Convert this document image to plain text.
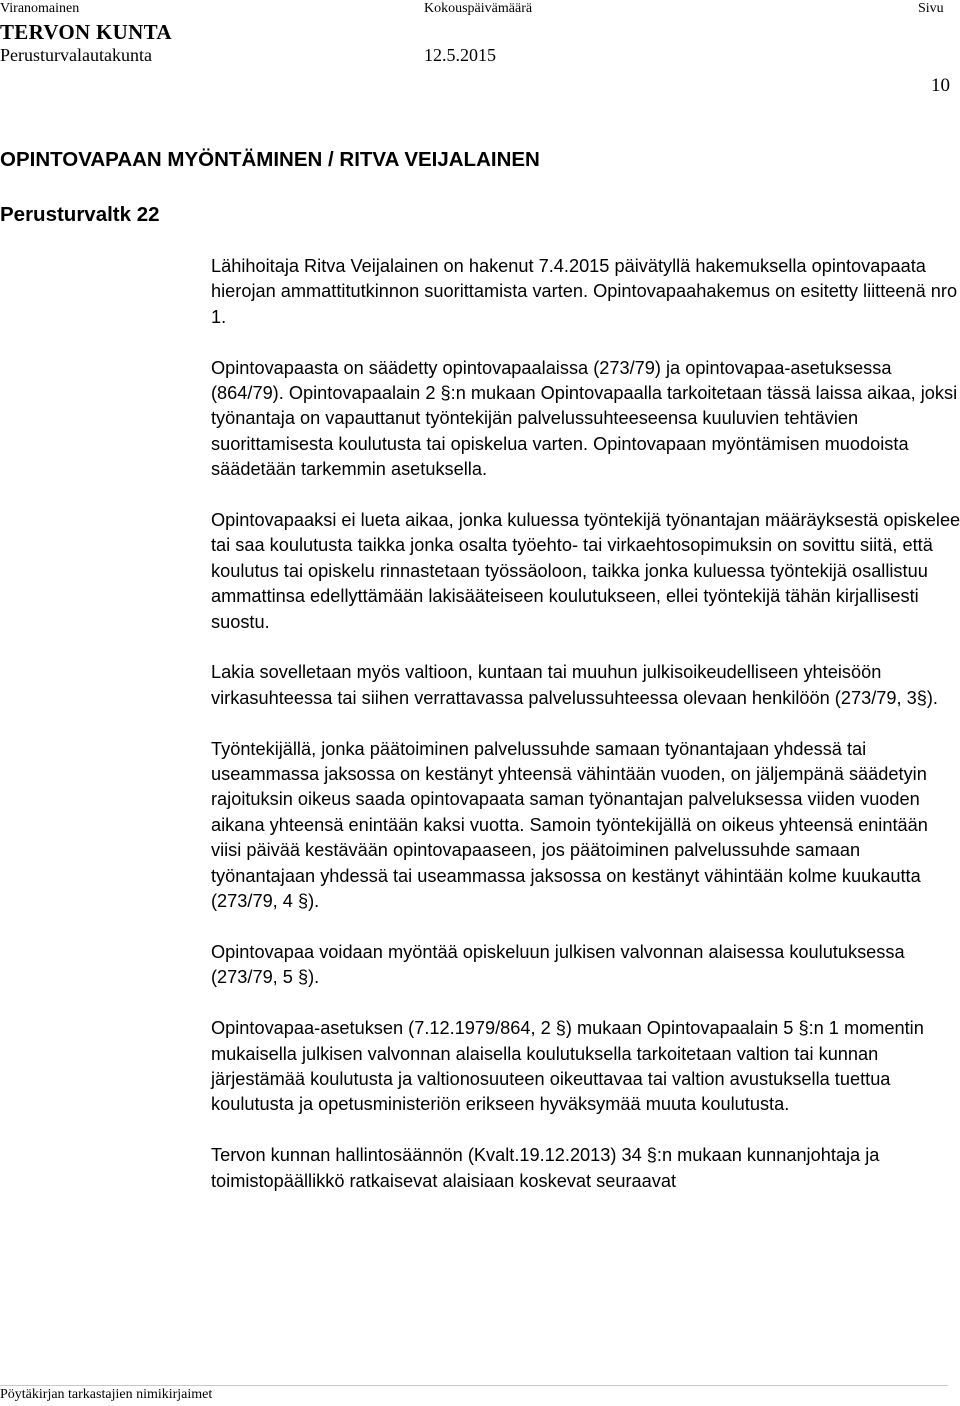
Viranomainen	Kokouspäivämäärä	Sivu
TERVON KUNTA
Perusturvalautakunta	12.5.2015
10
OPINTOVAPAAN MYÖNTÄMINEN / RITVA VEIJALAINEN
Perusturvaltk 22

Lähihoitaja Ritva Veijalainen on hakenut 7.4.2015 päivätyllä hakemuksella opintovapaata hierojan ammattitutkinnon suorittamista varten. Opintovapaahakemus on esitetty liitteenä nro 1.

Opintovapaasta on säädetty opintovapaalaissa (273/79) ja opintovapaa-asetuksessa (864/79). Opintovapaalain 2 §:n mukaan Opintovapaalla tarkoitetaan tässä laissa aikaa, joksi työnantaja on vapauttanut työntekijän palvelussuhteeseensa kuuluvien tehtävien suorittamisesta koulutusta tai opiskelua varten. Opintovapaan myöntämisen muodoista säädetään tarkemmin asetuksella.

Opintovapaaksi ei lueta aikaa, jonka kuluessa työntekijä työnantajan määräyksestä opiskelee tai saa koulutusta taikka jonka osalta työehto- tai virkaehtosopimuksin on sovittu siitä, että koulutus tai opiskelu rinnastetaan työssäoloon, taikka jonka kuluessa työntekijä osallistuu ammattinsa edellyttämään lakisääteiseen koulutukseen, ellei työntekijä tähän kirjallisesti suostu.

Lakia sovelletaan myös valtioon, kuntaan tai muuhun julkisoikeudelliseen yhteisöön virkasuhteessa tai siihen verrattavassa palvelussuhteessa olevaan henkilöön (273/79, 3§).

Työntekijällä, jonka päätoiminen palvelussuhde samaan työnantajaan yhdessä tai useammassa jaksossa on kestänyt yhteensä vähintään vuoden, on jäljempänä säädetyin rajoituksin oikeus saada opintovapaata saman työnantajan palveluksessa viiden vuoden aikana yhteensä enintään kaksi vuotta. Samoin työntekijällä on oikeus yhteensä enintään viisi päivää kestävään opintovapaaseen, jos päätoiminen palvelussuhde samaan työnantajaan yhdessä tai useammassa jaksossa on kestänyt vähintään kolme kuukautta (273/79, 4 §).

Opintovapaa voidaan myöntää opiskeluun julkisen valvonnan alaisessa koulutuksessa (273/79, 5 §).

Opintovapaa-asetuksen (7.12.1979/864, 2 §) mukaan Opintovapaalain 5 §:n 1 momentin mukaisella julkisen valvonnan alaisella koulutuksella tarkoitetaan valtion tai kunnan järjestämää koulutusta ja valtionosuuteen oikeuttavaa tai valtion avustuksella tuettua koulutusta ja opetusministeriön erikseen hyväksymää muuta koulutusta.

Tervon kunnan hallintosäännön (Kvalt.19.12.2013) 34 §:n mukaan kunnanjohtaja ja toimistopäällikkö ratkaisevat alaisiaan koskevat seuraavat

Pöytäkirjan tarkastajien nimikirjaimet
